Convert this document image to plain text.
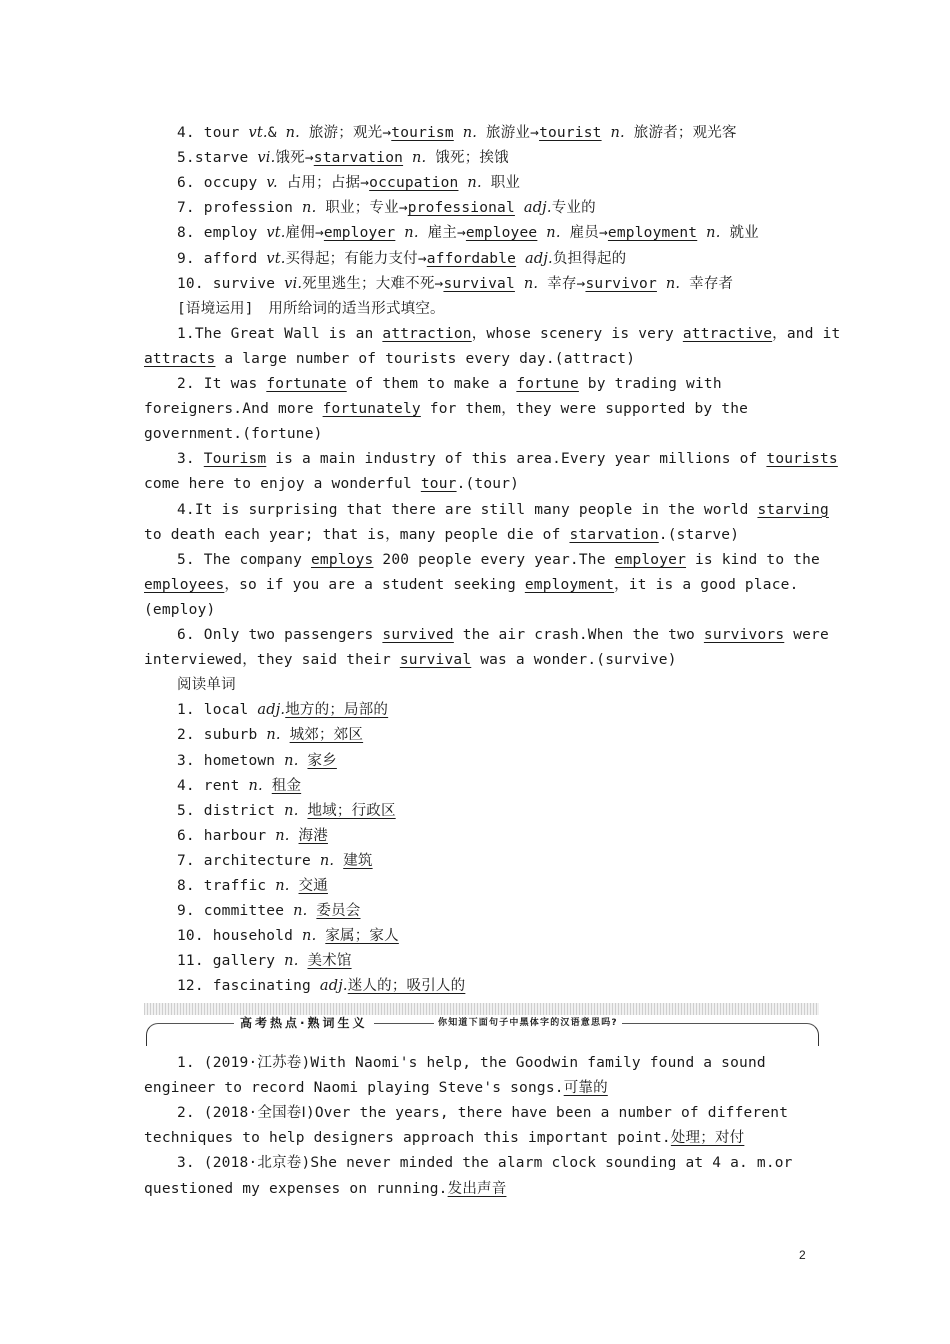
4. tour vt.& n. 旅游；观光→tourism n. 旅游业→tourist n. 旅游者；观光客
5.starve vi.饿死→starvation n. 饿死；挨饿
6. occupy v. 占用；占据→occupation n. 职业
7. profession n. 职业；专业→professional adj.专业的
8. employ vt.雇佣→employer n. 雇主→employee n. 雇员→employment n. 就业
9. afford vt.买得起；有能力支付→affordable adj.负担得起的
10. survive vi.死里逃生；大难不死→survival n. 幸存→survivor n. 幸存者
[语境运用]　用所给词的适当形式填空。
1.The Great Wall is an attraction，whose scenery is very attractive，and it
attracts a large number of tourists every day.(attract)
2. It was fortunate of them to make a fortune by trading with
foreigners.And more fortunately for them，they were supported by the
government.(fortune)
3. Tourism is a main industry of this area.Every year millions of tourists
come here to enjoy a wonderful tour.(tour)
4.It is surprising that there are still many people in the world starving
to death each year; that is，many people die of starvation.(starve)
5. The company employs 200 people every year.The employer is kind to the
employees，so if you are a student seeking employment，it is a good place.
(employ)
6. Only two passengers survived the air crash.When the two survivors were
interviewed，they said their survival was a wonder.(survive)
阅读单词
1. local adj.地方的；局部的
2. suburb n. 城郊；郊区
3. hometown n. 家乡
4. rent n. 租金
5. district n. 地域；行政区
6. harbour n. 海港
7. architecture n. 建筑
8. traffic n. 交通
9. committee n. 委员会
10. household n. 家属；家人
11. gallery n. 美术馆
12. fascinating adj.迷人的；吸引人的
高考热点·熟词生义	你知道下面句子中黑体字的汉语意思吗?
1. (2019·江苏卷)With Naomi's help, the Goodwin family found a sound
engineer to record Naomi playing Steve's songs.可靠的
2. (2018·全国卷Ⅰ)Over the years, there have been a number of different
techniques to help designers approach this important point.处理；对付
3. (2018·北京卷)She never minded the alarm clock sounding at 4 a. m.or
questioned my expenses on running.发出声音
2
